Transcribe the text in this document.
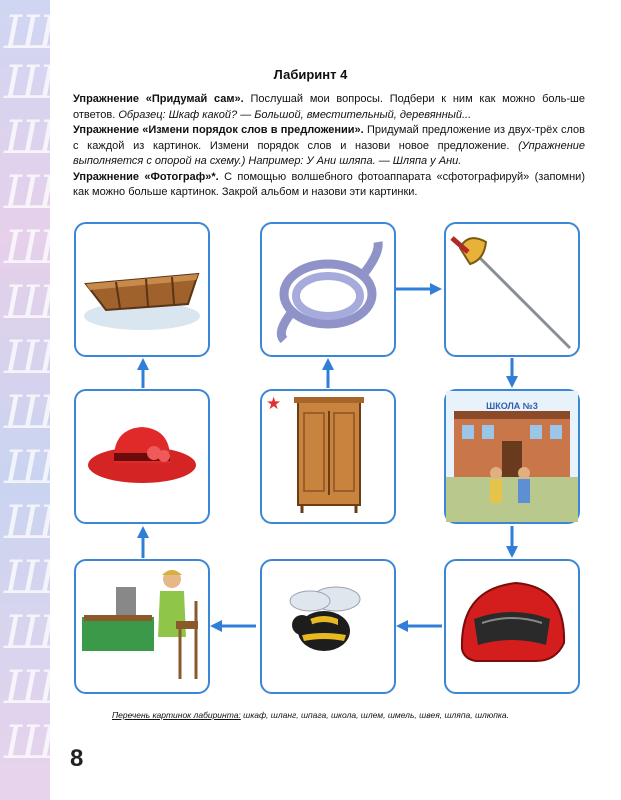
Ш
Ш
Ш
Ш
Ш
Ш
Ш
Ш
Ш
Ш
Ш
Ш
Ш
Ш
Лабиринт 4

Упражнение «Придумай сам». Послушай мои вопросы. Подбери к ним как можно боль-ше ответов. Образец: Шкаф какой? — Большой, вместительный, деревянный...

Упражнение «Измени порядок слов в предложении». Придумай предложение из двух-трёх слов с каждой из картинок. Измени порядок слов и назови новое предложение. (Упражнение выполняется с опорой на схему.) Например: У Ани шляпа. — Шляпа у Ани.

Упражнение «Фотограф»*. С помощью волшебного фотоаппарата «сфотографируй» (запомни) как можно больше картинок. Закрой альбом и назови эти картинки.

ШКОЛА №3
★
Перечень картинок лабиринта: шкаф, шланг, шпага, школа, шлем, шмель, швея, шляпа, шлюпка.
8
